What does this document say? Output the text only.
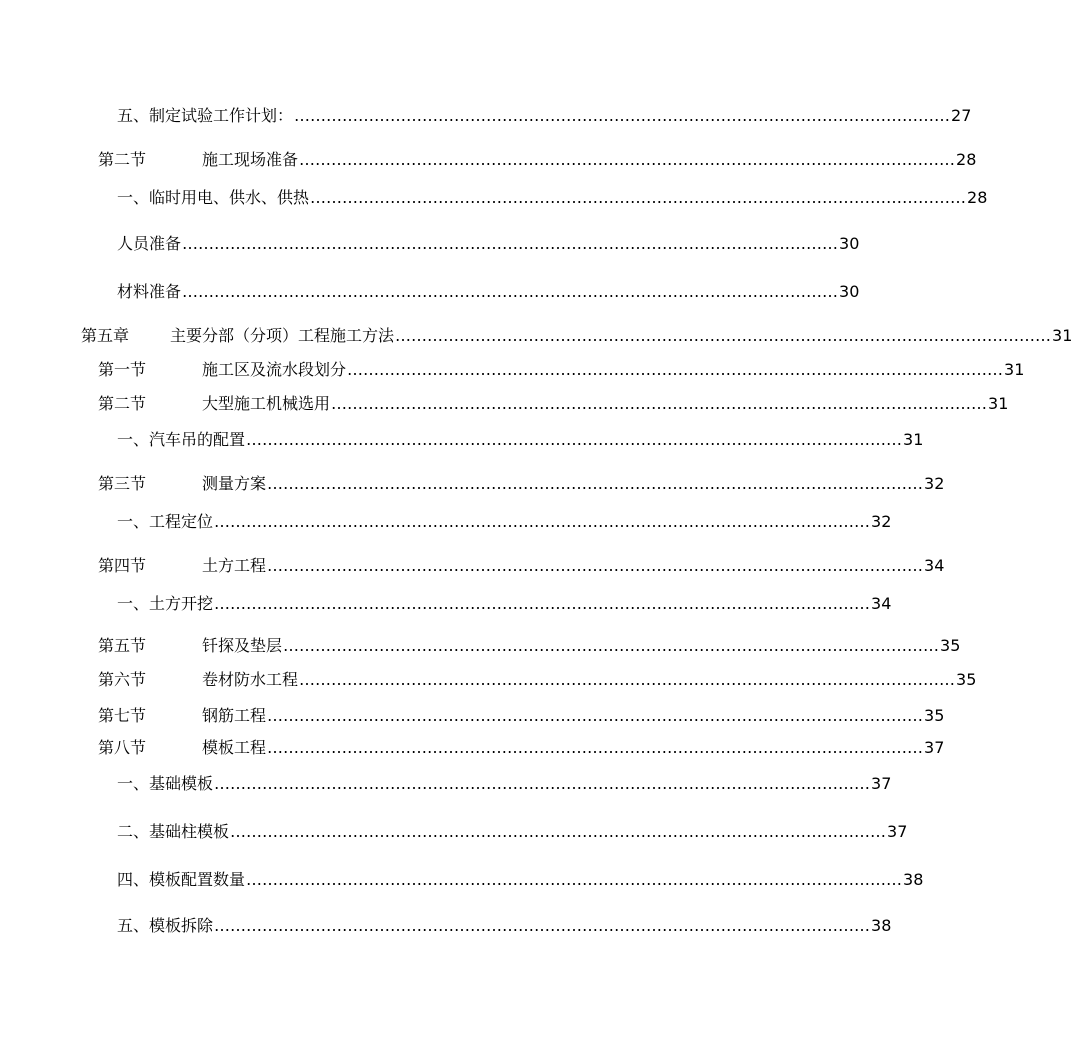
五、制定试验工作计划： …………………………………………………………………………………………………………… 27
第二节	施工现场准备 …………………………………………………………………………………………………………… 28
一、临时用电、供水、供热 …………………………………………………………………………………………………………… 28
人员准备 …………………………………………………………………………………………………………… 30
材料准备 …………………………………………………………………………………………………………… 30
第五章	主要分部（分项）工程施工方法 …………………………………………………………………………………………………………… 31
第一节	施工区及流水段划分 …………………………………………………………………………………………………………… 31
第二节	大型施工机械选用 …………………………………………………………………………………………………………… 31
一、汽车吊的配置 …………………………………………………………………………………………………………… 31
第三节	测量方案 …………………………………………………………………………………………………………… 32
一、工程定位 …………………………………………………………………………………………………………… 32
第四节	土方工程 …………………………………………………………………………………………………………… 34
一、土方开挖 …………………………………………………………………………………………………………… 34
第五节	钎探及垫层 …………………………………………………………………………………………………………… 35
第六节	卷材防水工程 …………………………………………………………………………………………………………… 35
第七节	钢筋工程 …………………………………………………………………………………………………………… 35
第八节	模板工程 …………………………………………………………………………………………………………… 37
一、基础模板 …………………………………………………………………………………………………………… 37
二、基础柱模板 …………………………………………………………………………………………………………… 37
四、模板配置数量 …………………………………………………………………………………………………………… 38
五、模板拆除 …………………………………………………………………………………………………………… 38
